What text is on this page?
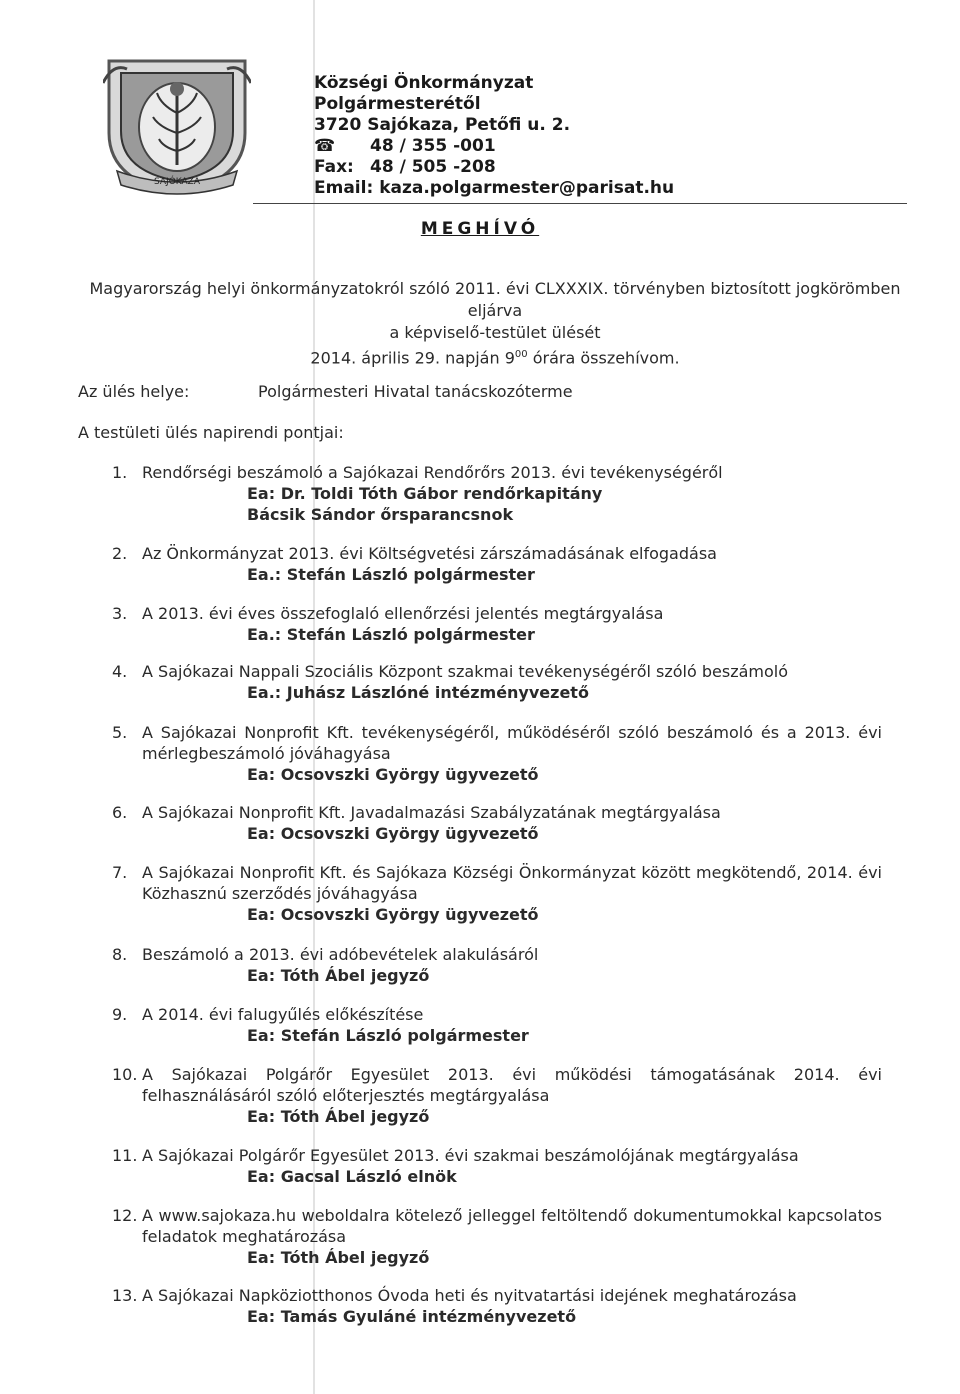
SAJÓKAZA
Községi Önkormányzat
Polgármesterétől
3720 Sajókaza, Petőfi u. 2.
☎ 48 / 355 -001
Fax: 48 / 505 -208
Email: kaza.polgarmester@parisat.hu
MEGHÍVÓ
Magyarország helyi önkormányzatokról szóló 2011. évi CLXXXIX. törvényben biztosított jogkörömben eljárva
a képviselő-testület ülését
2014. április 29. napján $9^{00}$ órára összehívom.
Az ülés helye:	Polgármesteri Hivatal tanácskozóterme
A testületi ülés napirendi pontjai:
1. Rendőrségi beszámoló a Sajókazai Rendőrőrs 2013. évi tevékenységéről
Ea: Dr. Toldi Tóth Gábor rendőrkapitány
Bácsik Sándor őrsparancsnok
2. Az Önkormányzat 2013. évi Költségvetési zárszámadásának elfogadása
Ea.: Stefán László polgármester
3. A 2013. évi éves összefoglaló ellenőrzési jelentés megtárgyalása
Ea.: Stefán László polgármester
4. A Sajókazai Nappali Szociális Központ szakmai tevékenységéről szóló beszámoló
Ea.: Juhász Lászlóné intézményvezető
5. A Sajókazai Nonprofit Kft. tevékenységéről, működéséről szóló beszámoló és a 2013. évi mérlegbeszámoló jóváhagyása
Ea: Ocsovszki György ügyvezető
6. A Sajókazai Nonprofit Kft. Javadalmazási Szabályzatának megtárgyalása
Ea: Ocsovszki György ügyvezető
7. A Sajókazai Nonprofit Kft. és Sajókaza Községi Önkormányzat között megkötendő, 2014. évi Közhasznú szerződés jóváhagyása
Ea: Ocsovszki György ügyvezető
8. Beszámoló a 2013. évi adóbevételek alakulásáról
Ea: Tóth Ábel jegyző
9. A 2014. évi falugyűlés előkészítése
Ea: Stefán László polgármester
10. A Sajókazai Polgárőr Egyesület 2013. évi működési támogatásának 2014. évi felhasználásáról szóló előterjesztés megtárgyalása
Ea: Tóth Ábel jegyző
11. A Sajókazai Polgárőr Egyesület 2013. évi szakmai beszámolójának megtárgyalása
Ea: Gacsal László elnök
12. A www.sajokaza.hu weboldalra kötelező jelleggel feltöltendő dokumentumokkal kapcsolatos feladatok meghatározása
Ea: Tóth Ábel jegyző
13. A Sajókazai Napköziotthonos Óvoda heti és nyitvatartási idejének meghatározása
Ea: Tamás Gyuláné intézményvezető
